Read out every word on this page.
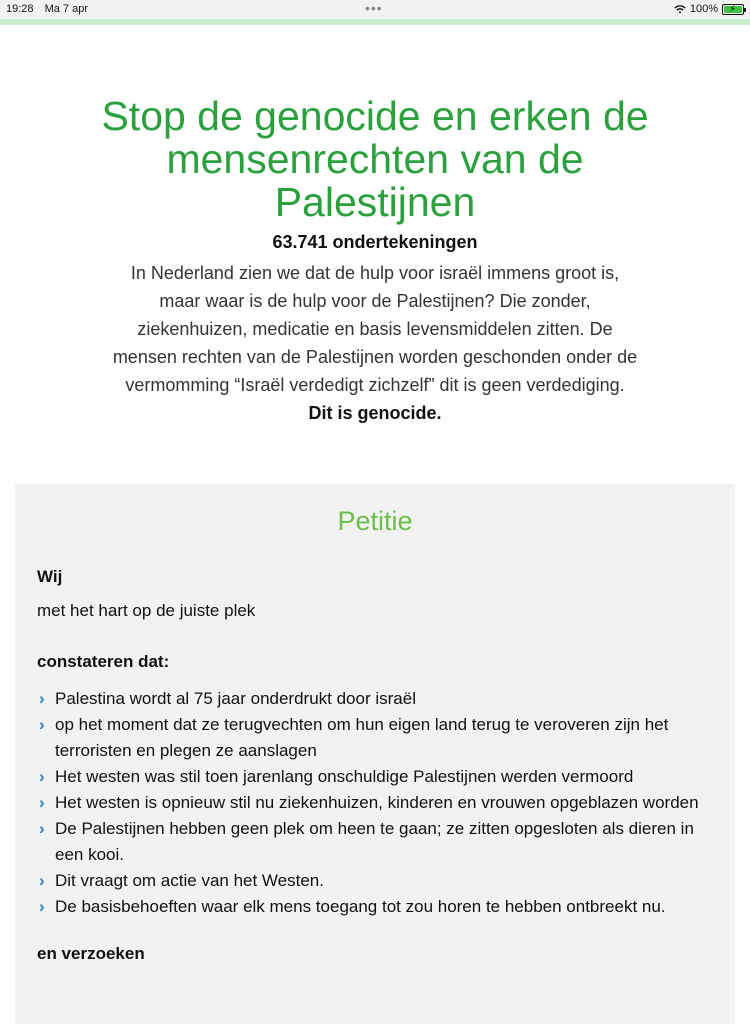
19:28 Ma 7 apr	•••	100% ⚡
Stop de genocide en erken de mensenrechten van de Palestijnen
63.741 ondertekeningen

In Nederland zien we dat de hulp voor israël immens groot is, maar waar is de hulp voor de Palestijnen? Die zonder, ziekenhuizen, medicatie en basis levensmiddelen zitten. De mensen rechten van de Palestijnen worden geschonden onder de vermomming “Israël verdedigt zichzelf” dit is geen verdediging. Dit is genocide.

Petitie
Wij
met het hart op de juiste plek
constateren dat:
› Palestina wordt al 75 jaar onderdrukt door israël
› op het moment dat ze terugvechten om hun eigen land terug te veroveren zijn het terroristen en plegen ze aanslagen
› Het westen was stil toen jarenlang onschuldige Palestijnen werden vermoord
› Het westen is opnieuw stil nu ziekenhuizen, kinderen en vrouwen opgeblazen worden
› De Palestijnen hebben geen plek om heen te gaan; ze zitten opgesloten als dieren in een kooi.
› Dit vraagt om actie van het Westen.
› De basisbehoeften waar elk mens toegang tot zou horen te hebben ontbreekt nu.
en verzoeken
